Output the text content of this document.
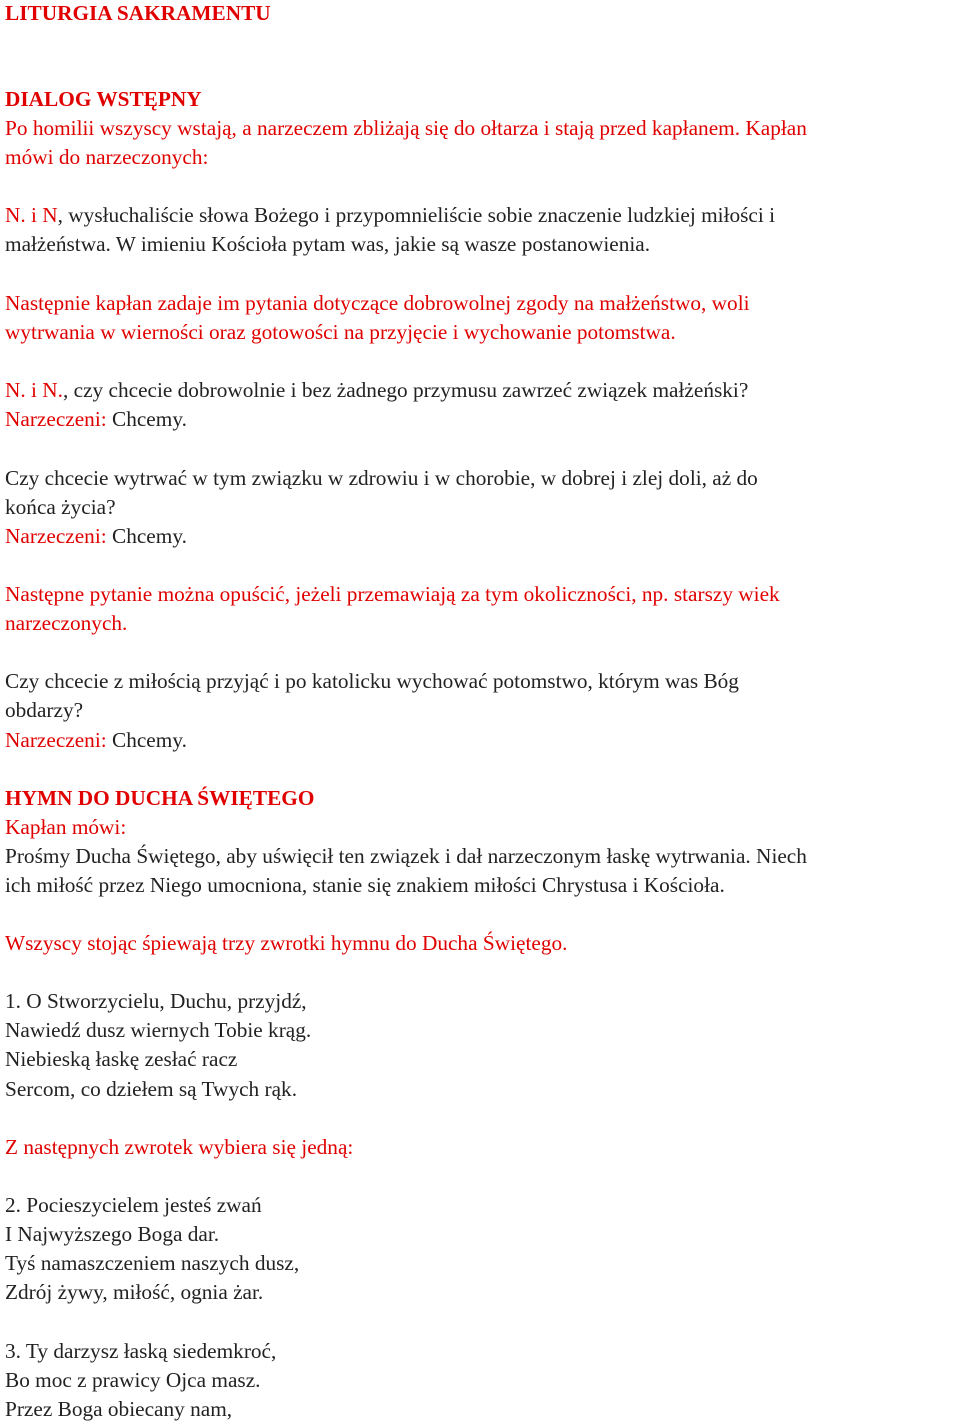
LITURGIA SAKRAMENTU
DIALOG WSTĘPNY
Po homilii wszyscy wstają, a narzeczem zbliżają się do ołtarza i stają przed kapłanem. Kapłan
mówi do narzeczonych:
N. i N, wysłuchaliście słowa Bożego i przypomnieliście sobie znaczenie ludzkiej miłości i
małżeństwa. W imieniu Kościoła pytam was, jakie są wasze postanowienia.
Następnie kapłan zadaje im pytania dotyczące dobrowolnej zgody na małżeństwo, woli
wytrwania w wierności oraz gotowości na przyjęcie i wychowanie potomstwa.
N. i N., czy chcecie dobrowolnie i bez żadnego przymusu zawrzeć związek małżeński?
Narzeczeni: Chcemy.
Czy chcecie wytrwać w tym związku w zdrowiu i w chorobie, w dobrej i zlej doli, aż do
końca życia?
Narzeczeni: Chcemy.
Następne pytanie można opuścić, jeżeli przemawiają za tym okoliczności, np. starszy wiek
narzeczonych.
Czy chcecie z miłością przyjąć i po katolicku wychować potomstwo, którym was Bóg
obdarzy?
Narzeczeni: Chcemy.
HYMN DO DUCHA ŚWIĘTEGO
Kapłan mówi:
Prośmy Ducha Świętego, aby uświęcił ten związek i dał narzeczonym łaskę wytrwania. Niech
ich miłość przez Niego umocniona, stanie się znakiem miłości Chrystusa i Kościoła.
Wszyscy stojąc śpiewają trzy zwrotki hymnu do Ducha Świętego.
1. O Stworzycielu, Duchu, przyjdź,
Nawiedź dusz wiernych Tobie krąg.
Niebieską łaskę zesłać racz
Sercom, co dziełem są Twych rąk.
Z następnych zwrotek wybiera się jedną:
2. Pocieszycielem jesteś zwań
I Najwyższego Boga dar.
Tyś namaszczeniem naszych dusz,
Zdrój żywy, miłość, ognia żar.
3. Ty darzysz łaską siedemkroć,
Bo moc z prawicy Ojca masz.
Przez Boga obiecany nam,
